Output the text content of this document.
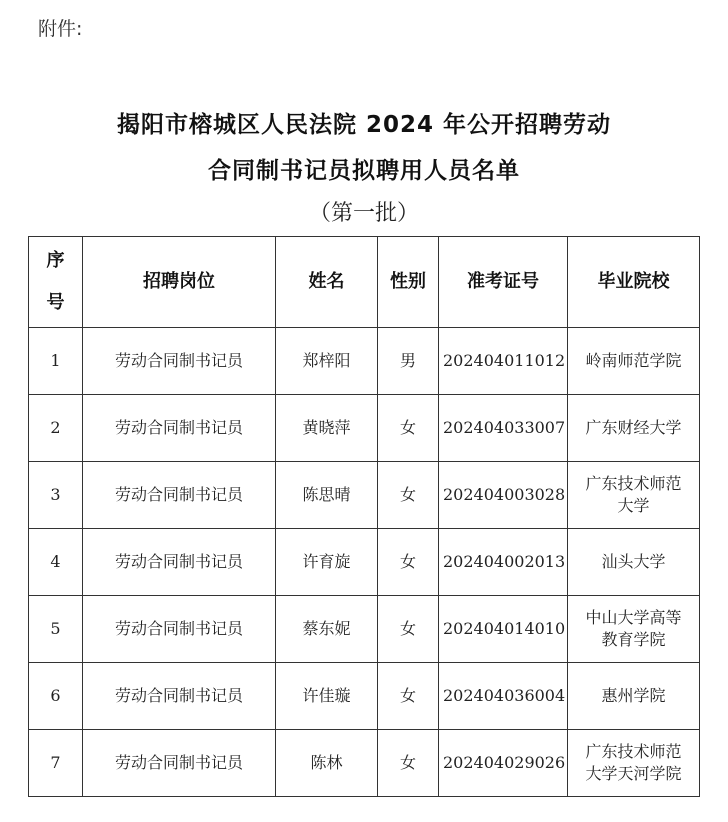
附件:
揭阳市榕城区人民法院 2024 年公开招聘劳动
合同制书记员拟聘用人员名单
（第一批）
序
号	招聘岗位	姓名	性别	准考证号	毕业院校
1	劳动合同制书记员	郑梓阳	男	202404011012	岭南师范学院

2	劳动合同制书记员	黄晓萍	女	202404033007	广东财经大学

3	劳动合同制书记员	陈思晴	女	202404003028	广东技术师范
大学

4	劳动合同制书记员	许育旋	女	202404002013	汕头大学

5	劳动合同制书记员	蔡东妮	女	202404014010	中山大学高等
教育学院

6	劳动合同制书记员	许佳璇	女	202404036004	惠州学院

7	劳动合同制书记员	陈林	女	202404029026	广东技术师范
大学天河学院
